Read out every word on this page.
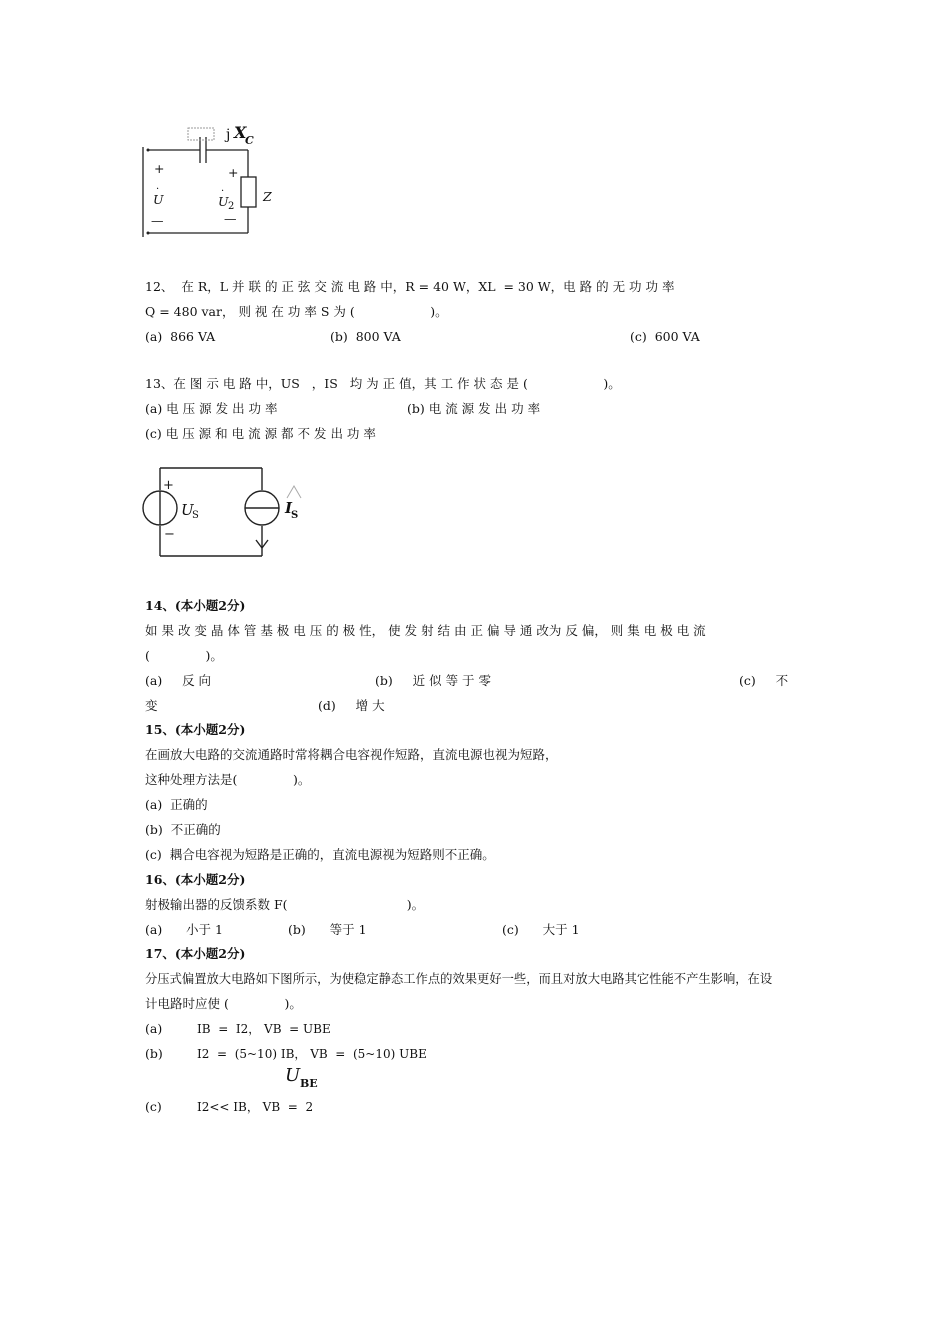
j X
C
+	+
U
·
U
·
2
—	—
Z
12、  在 R，L 并 联 的 正 弦 交 流 电 路 中，R = 40 W，XL  = 30 W，电 路 的 无 功 功 率
Q = 480 var， 则 视 在 功 率 S 为 (                   )。
(a)  866 VA	(b)  800 VA	(c)  600 VA
13、在 图 示 电 路 中，US   ，IS   均 为 正 值，其 工 作 状 态 是 (                   )。
(a) 电 压 源 发 出 功 率	(b) 电 流 源 发 出 功 率
(c) 电 压 源 和 电 流 源 都 不 发 出 功 率
+
−
U
S	I
S
14、(本小题2分)
如 果 改 变 晶 体 管 基 极 电 压 的 极 性， 使 发 射 结 由 正 偏 导 通 改为 反 偏， 则 集 电 极 电 流
(              )。
(a)     反 向	(b)     近 似 等 于 零	(c)     不
变	(d)     增 大
15、(本小题2分)
在画放大电路的交流通路时常将耦合电容视作短路，直流电源也视为短路，
这种处理方法是(              )。
(a)  正确的
(b)  不正确的
(c)  耦合电容视为短路是正确的，直流电源视为短路则不正确。
16、(本小题2分)
射极输出器的反馈系数 F(                              )。
(a)      小于 1	(b)      等于 1	(c)      大于 1
17、(本小题2分)
分压式偏置放大电路如下图所示，为使稳定静态工作点的效果更好一些，而且对放大电路其它性能不产生影响，在设
计电路时应使 (              )。
(a)	IB  =  I2， VB  = UBE
(b)	I2  =  (5~10) IB， VB  =  (5~10) UBE
U BE
(c)	I2<< IB， VB  =  2
